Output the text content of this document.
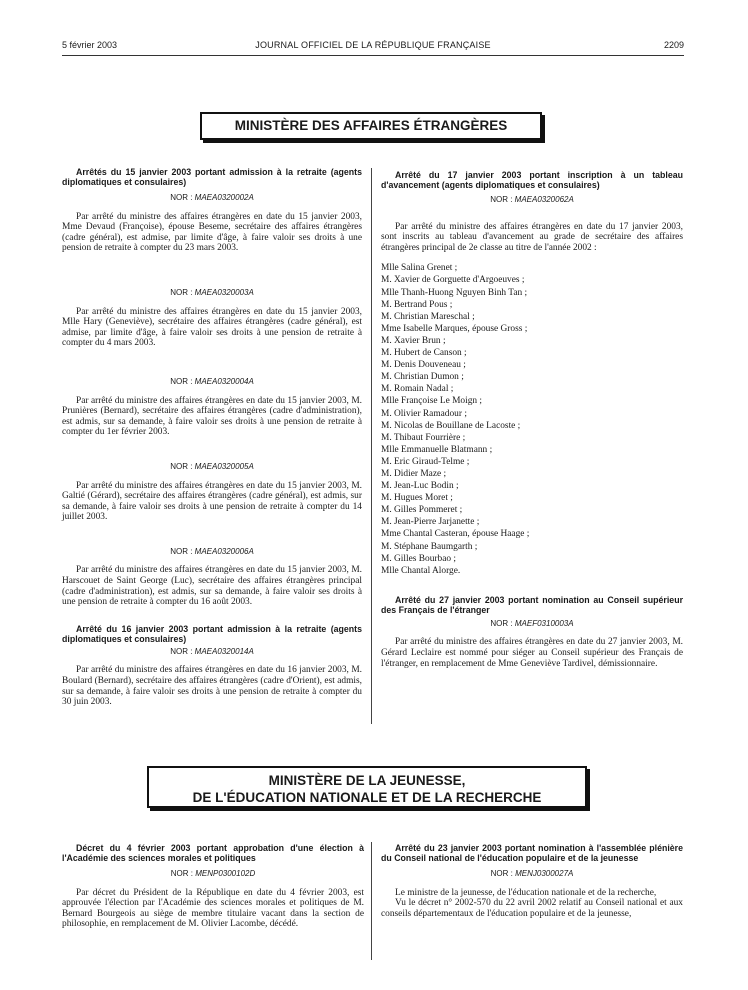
5 février 2003	JOURNAL OFFICIEL DE LA RÉPUBLIQUE FRANÇAISE	2209
MINISTÈRE DES AFFAIRES ÉTRANGÈRES

Arrêtés du 15 janvier 2003 portant admission à la retraite (agents diplomatiques et consulaires)

NOR : MAEA0320002A

Par arrêté du ministre des affaires étrangères en date du 15 janvier 2003, Mme Devaud (Françoise), épouse Beseme, secrétaire des affaires étrangères (cadre général), est admise, par limite d'âge, à faire valoir ses droits à une pension de retraite à compter du 23 mars 2003.

NOR : MAEA0320003A

Par arrêté du ministre des affaires étrangères en date du 15 janvier 2003, Mlle Hary (Geneviève), secrétaire des affaires étrangères (cadre général), est admise, par limite d'âge, à faire valoir ses droits à une pension de retraite à compter du 4 mars 2003.

NOR : MAEA0320004A

Par arrêté du ministre des affaires étrangères en date du 15 janvier 2003, M. Prunières (Bernard), secrétaire des affaires étrangères (cadre d'administration), est admis, sur sa demande, à faire valoir ses droits à une pension de retraite à compter du 1er février 2003.

NOR : MAEA0320005A

Par arrêté du ministre des affaires étrangères en date du 15 janvier 2003, M. Galtié (Gérard), secrétaire des affaires étrangères (cadre général), est admis, sur sa demande, à faire valoir ses droits à une pension de retraite à compter du 14 juillet 2003.

NOR : MAEA0320006A

Par arrêté du ministre des affaires étrangères en date du 15 janvier 2003, M. Harscouet de Saint George (Luc), secrétaire des affaires étrangères principal (cadre d'administration), est admis, sur sa demande, à faire valoir ses droits à une pension de retraite à compter du 16 août 2003.

Arrêté du 16 janvier 2003 portant admission à la retraite (agents diplomatiques et consulaires)

NOR : MAEA0320014A

Par arrêté du ministre des affaires étrangères en date du 16 janvier 2003, M. Boulard (Bernard), secrétaire des affaires étrangères (cadre d'Orient), est admis, sur sa demande, à faire valoir ses droits à une pension de retraite à compter du 30 juin 2003.

Arrêté du 17 janvier 2003 portant inscription à un tableau d'avancement (agents diplomatiques et consulaires)

NOR : MAEA0320062A

Par arrêté du ministre des affaires étrangères en date du 17 janvier 2003, sont inscrits au tableau d'avancement au grade de secrétaire des affaires étrangères principal de 2e classe au titre de l'année 2002 :

Mlle Salina Grenet ;
M. Xavier de Gorguette d'Argoeuves ;
Mlle Thanh-Huong Nguyen Binh Tan ;
M. Bertrand Pous ;
M. Christian Mareschal ;
Mme Isabelle Marques, épouse Gross ;
M. Xavier Brun ;
M. Hubert de Canson ;
M. Denis Douveneau ;
M. Christian Dumon ;
M. Romain Nadal ;
Mlle Françoise Le Moign ;
M. Olivier Ramadour ;
M. Nicolas de Bouillane de Lacoste ;
M. Thibaut Fourrière ;
Mlle Emmanuelle Blatmann ;
M. Eric Giraud-Telme ;
M. Didier Maze ;
M. Jean-Luc Bodin ;
M. Hugues Moret ;
M. Gilles Pommeret ;
M. Jean-Pierre Jarjanette ;
Mme Chantal Casteran, épouse Haage ;
M. Stéphane Baumgarth ;
M. Gilles Bourbao ;
Mlle Chantal Alorge.

Arrêté du 27 janvier 2003 portant nomination au Conseil supérieur des Français de l'étranger

NOR : MAEF0310003A

Par arrêté du ministre des affaires étrangères en date du 27 janvier 2003, M. Gérard Leclaire est nommé pour siéger au Conseil supérieur des Français de l'étranger, en remplacement de Mme Geneviève Tardivel, démissionnaire.

MINISTÈRE DE LA JEUNESSE,
DE L'ÉDUCATION NATIONALE ET DE LA RECHERCHE

Décret du 4 février 2003 portant approbation d'une élection à l'Académie des sciences morales et politiques

NOR : MENP0300102D

Par décret du Président de la République en date du 4 février 2003, est approuvée l'élection par l'Académie des sciences morales et politiques de M. Bernard Bourgeois au siège de membre titulaire vacant dans la section de philosophie, en remplacement de M. Olivier Lacombe, décédé.

Arrêté du 23 janvier 2003 portant nomination à l'assemblée plénière du Conseil national de l'éducation populaire et de la jeunesse

NOR : MENJ0300027A

Le ministre de la jeunesse, de l'éducation nationale et de la recherche,

Vu le décret n° 2002-570 du 22 avril 2002 relatif au Conseil national et aux conseils départementaux de l'éducation populaire et de la jeunesse,
